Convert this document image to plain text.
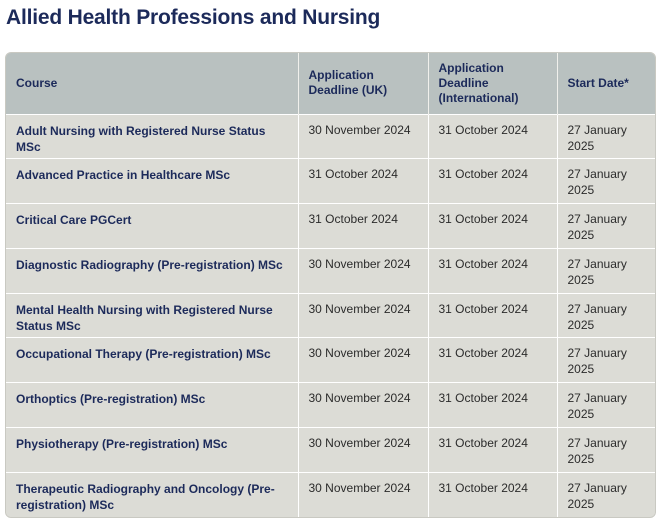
Allied Health Professions and Nursing
Course	Application Deadline (UK)	Application Deadline (International)	Start Date*
Adult Nursing with Registered Nurse Status MSc	30 November 2024	31 October 2024	27 January 2025
Advanced Practice in Healthcare MSc	31 October 2024	31 October 2024	27 January 2025
Critical Care PGCert	31 October 2024	31 October 2024	27 January 2025
Diagnostic Radiography (Pre-registration) MSc	30 November 2024	31 October 2024	27 January 2025
Mental Health Nursing with Registered Nurse Status MSc	30 November 2024	31 October 2024	27 January 2025
Occupational Therapy (Pre-registration) MSc	30 November 2024	31 October 2024	27 January 2025
Orthoptics (Pre-registration) MSc	30 November 2024	31 October 2024	27 January 2025
Physiotherapy (Pre-registration) MSc	30 November 2024	31 October 2024	27 January 2025
Therapeutic Radiography and Oncology (Pre-registration) MSc	30 November 2024	31 October 2024	27 January 2025
